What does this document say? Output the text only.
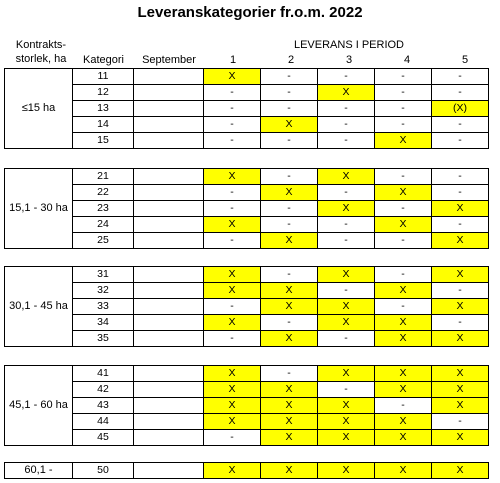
Leveranskategorier fr.o.m. 2022
Kontrakts-
storlek, ha	Kategori	September
LEVERANS I PERIOD
1	2	3	4	5
≤15 ha	11		X	-	-	-	-
	12		-	-	X	-	-
	13		-	-	-	-	(X)
	14		-	X	-	-	-
	15		-	-	-	X	-
15,1 - 30 ha	21		X	-	X	-	-
	22		-	X	-	X	-
	23		-	-	X	-	X
	24		X	-	-	X	-
	25		-	X	-	-	X
30,1 - 45 ha	31		X	-	X	-	X
	32		X	X	-	X	-
	33		-	X	X	-	X
	34		X	-	X	X	-
	35		-	X	-	X	X
45,1 - 60 ha	41		X	-	X	X	X
	42		X	X	-	X	X
	43		X	X	X	-	X
	44		X	X	X	X	-
	45		-	X	X	X	X
60,1 -	50		X	X	X	X	X
